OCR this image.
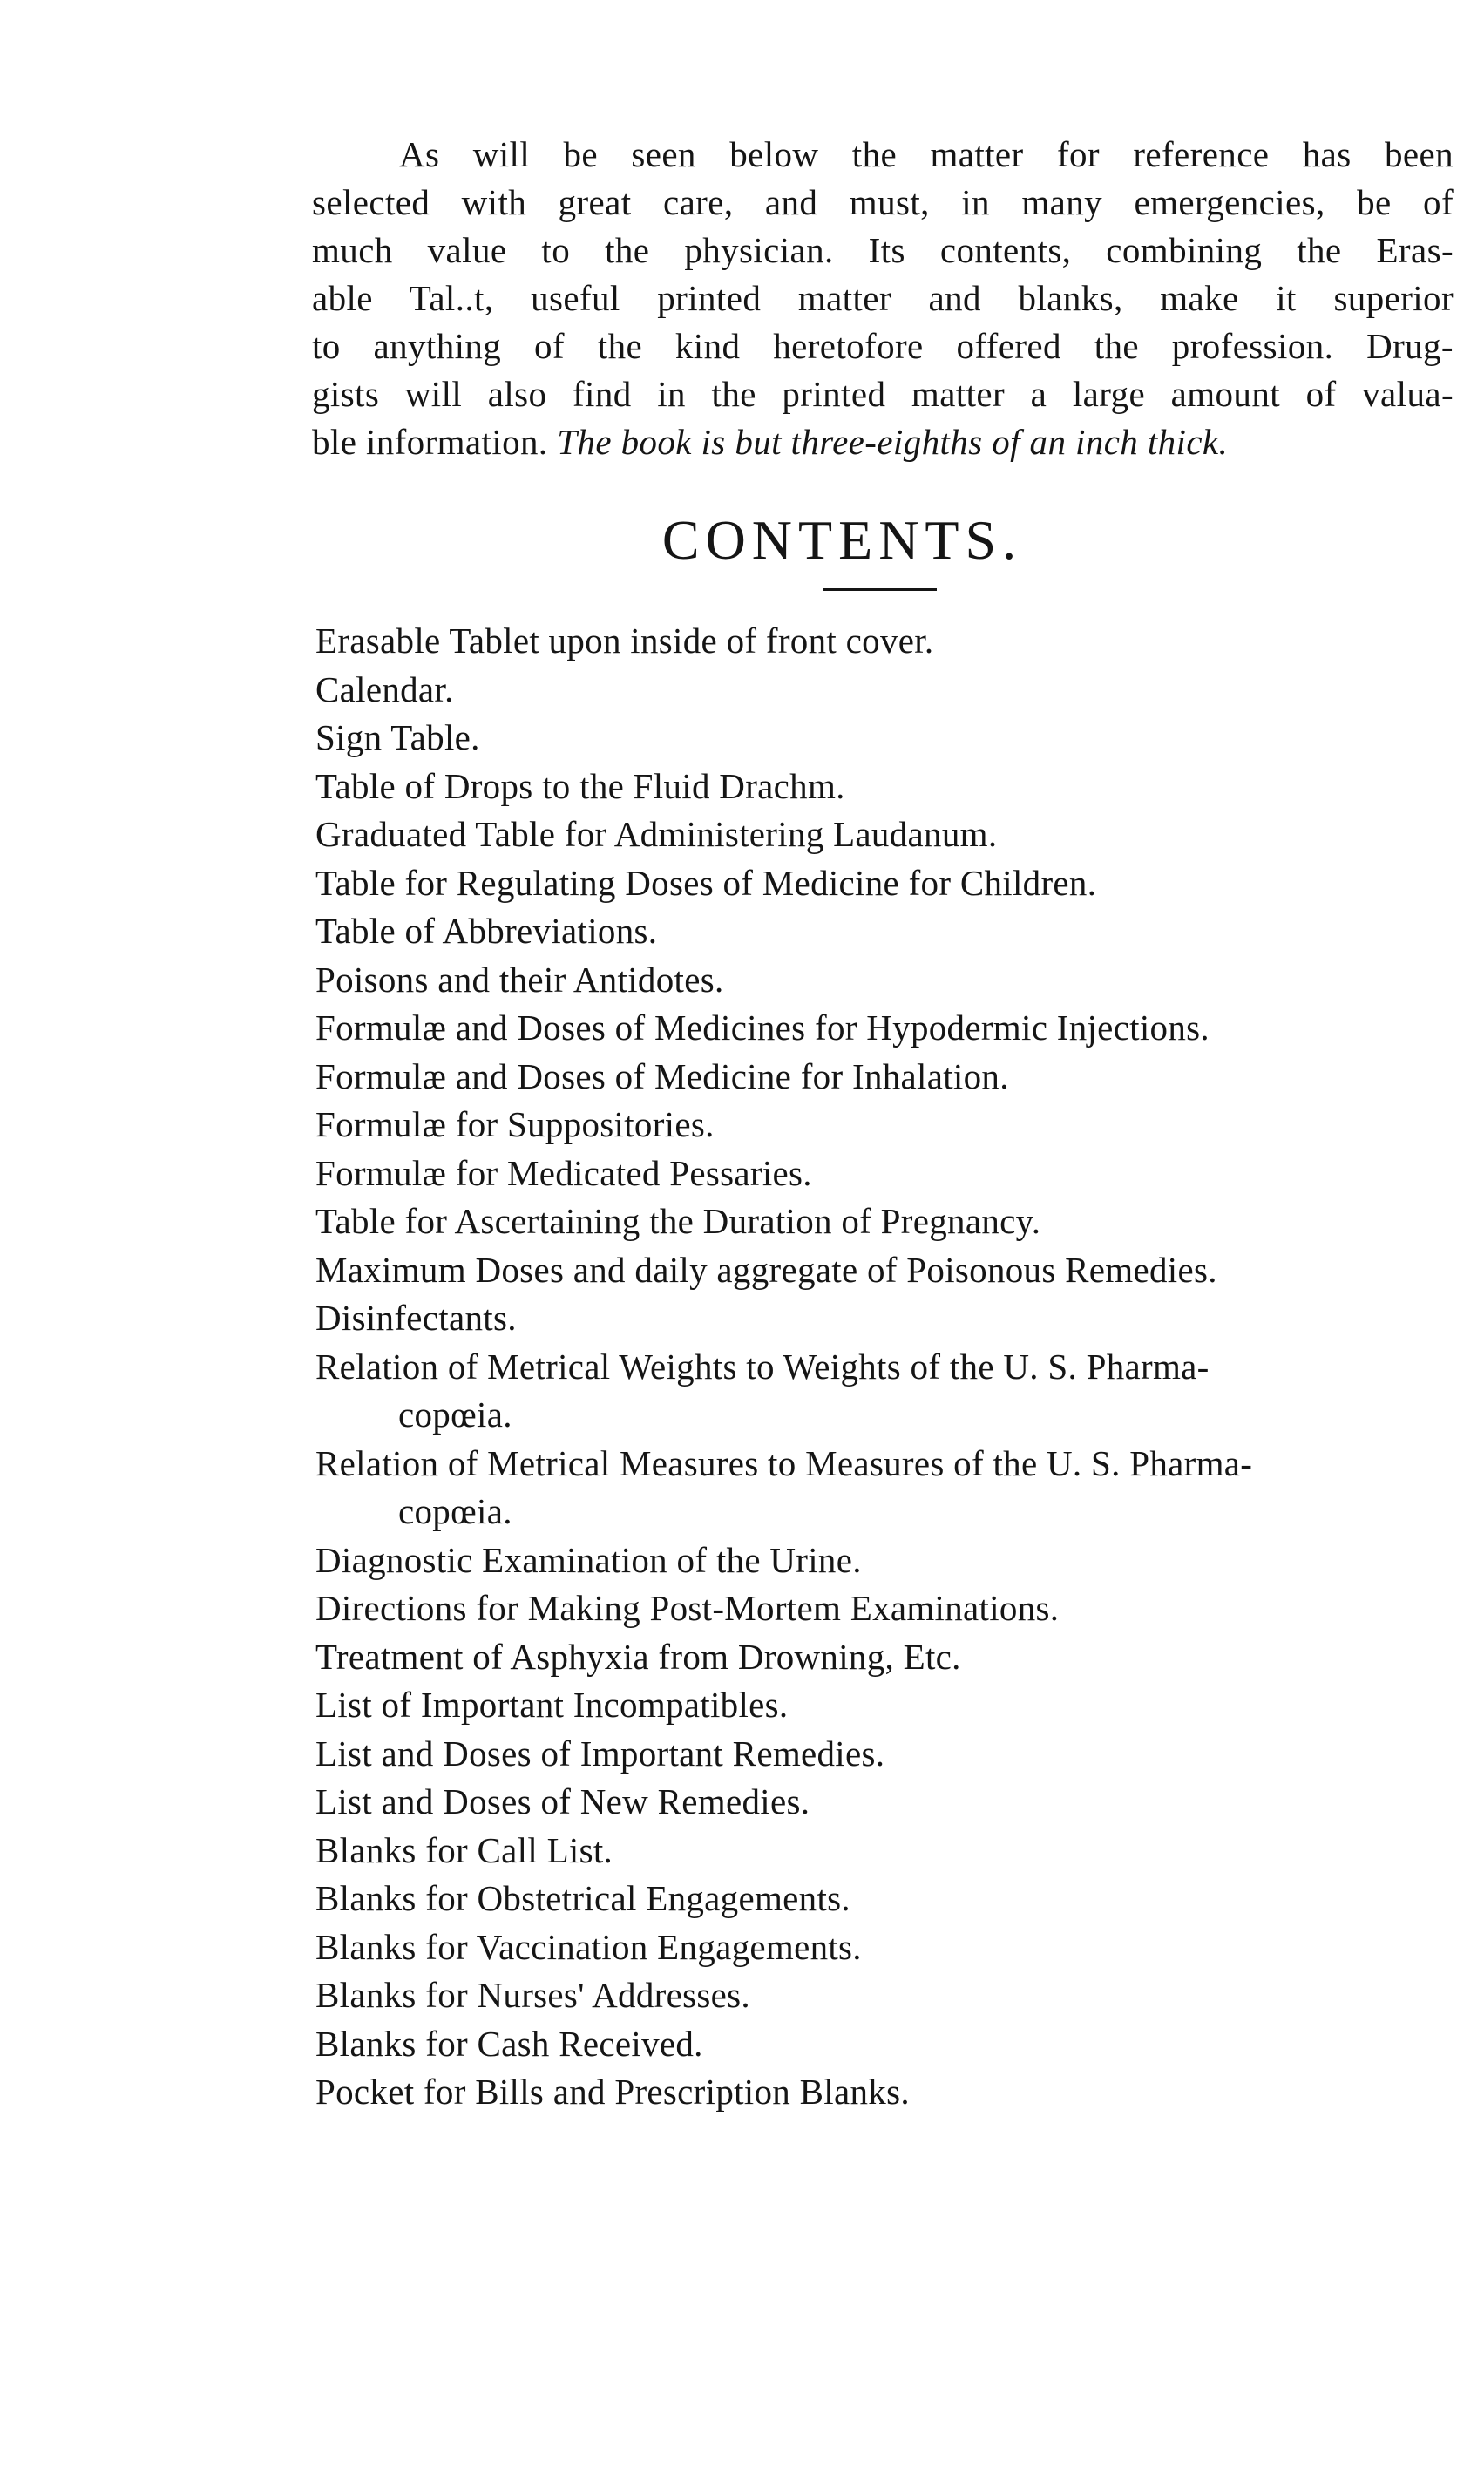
As will be seen below the matter for reference has been
selected with great care, and must, in many emergencies, be of
much value to the physician. Its contents, combining the Eras-
able Tal..t, useful printed matter and blanks, make it superior
to anything of the kind heretofore offered the profession. Drug-
gists will also find in the printed matter a large amount of valua-
ble information. The book is but three-eighths of an inch thick.
CONTENTS.
Erasable Tablet upon inside of front cover.
Calendar.
Sign Table.
Table of Drops to the Fluid Drachm.
Graduated Table for Administering Laudanum.
Table for Regulating Doses of Medicine for Children.
Table of Abbreviations.
Poisons and their Antidotes.
Formulæ and Doses of Medicines for Hypodermic Injections.
Formulæ and Doses of Medicine for Inhalation.
Formulæ for Suppositories.
Formulæ for Medicated Pessaries.
Table for Ascertaining the Duration of Pregnancy.
Maximum Doses and daily aggregate of Poisonous Remedies.
Disinfectants.
Relation of Metrical Weights to Weights of the U. S. Pharma-
copœia.
Relation of Metrical Measures to Measures of the U. S. Pharma-
copœia.
Diagnostic Examination of the Urine.
Directions for Making Post-Mortem Examinations.
Treatment of Asphyxia from Drowning, Etc.
List of Important Incompatibles.
List and Doses of Important Remedies.
List and Doses of New Remedies.
Blanks for Call List.
Blanks for Obstetrical Engagements.
Blanks for Vaccination Engagements.
Blanks for Nurses' Addresses.
Blanks for Cash Received.
Pocket for Bills and Prescription Blanks.
